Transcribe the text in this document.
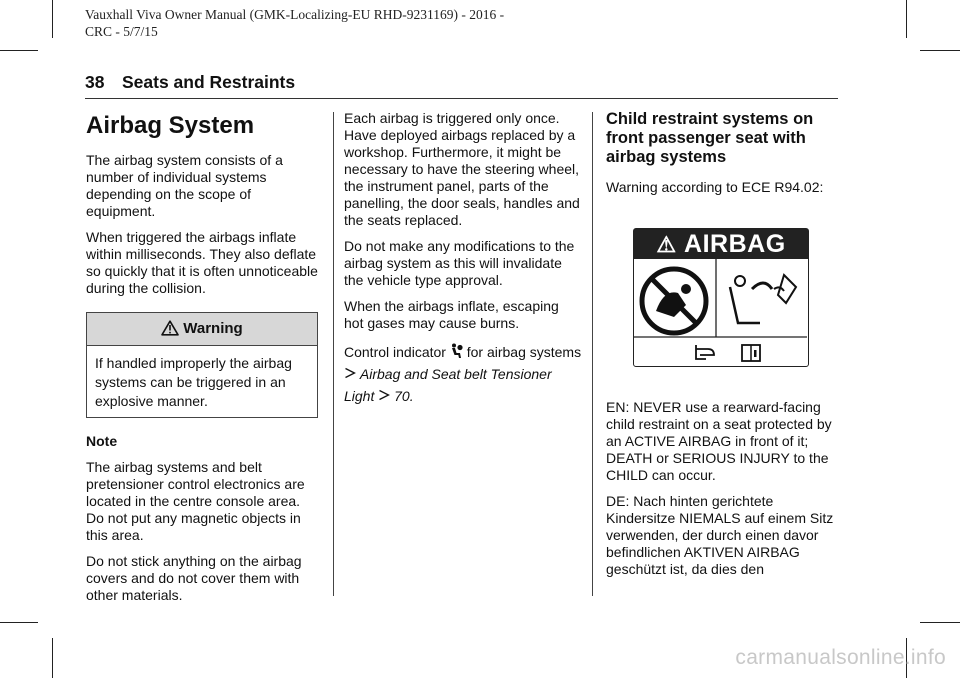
Vauxhall Viva Owner Manual (GMK-Localizing-EU RHD-9231169) - 2016 -
CRC - 5/7/15
38 Seats and Restraints
Airbag System

The airbag system consists of a number of individual systems depending on the scope of equipment.

When triggered the airbags inflate within milliseconds. They also deflate so quickly that it is often unnoticeable during the collision.

Warning
If handled improperly the airbag systems can be triggered in an explosive manner.

Note

The airbag systems and belt pretensioner control electronics are located in the centre console area. Do not put any magnetic objects in this area.

Do not stick anything on the airbag covers and do not cover them with other materials.

Each airbag is triggered only once. Have deployed airbags replaced by a workshop. Furthermore, it might be necessary to have the steering wheel, the instrument panel, parts of the panelling, the door seals, handles and the seats replaced.

Do not make any modifications to the airbag system as this will invalidate the vehicle type approval.

When the airbags inflate, escaping hot gases may cause burns.

Control indicator for airbag systems  Airbag and Seat belt Tensioner Light 70.

Child restraint systems on front passenger seat with airbag systems

Warning according to ECE R94.02:

⚠ AIRBAG

EN: NEVER use a rearward-facing child restraint on a seat protected by an ACTIVE AIRBAG in front of it; DEATH or SERIOUS INJURY to the CHILD can occur.

DE: Nach hinten gerichtete Kindersitze NIEMALS auf einem Sitz verwenden, der durch einen davor befindlichen AKTIVEN AIRBAG geschützt ist, da dies den

carmanualsonline.info
